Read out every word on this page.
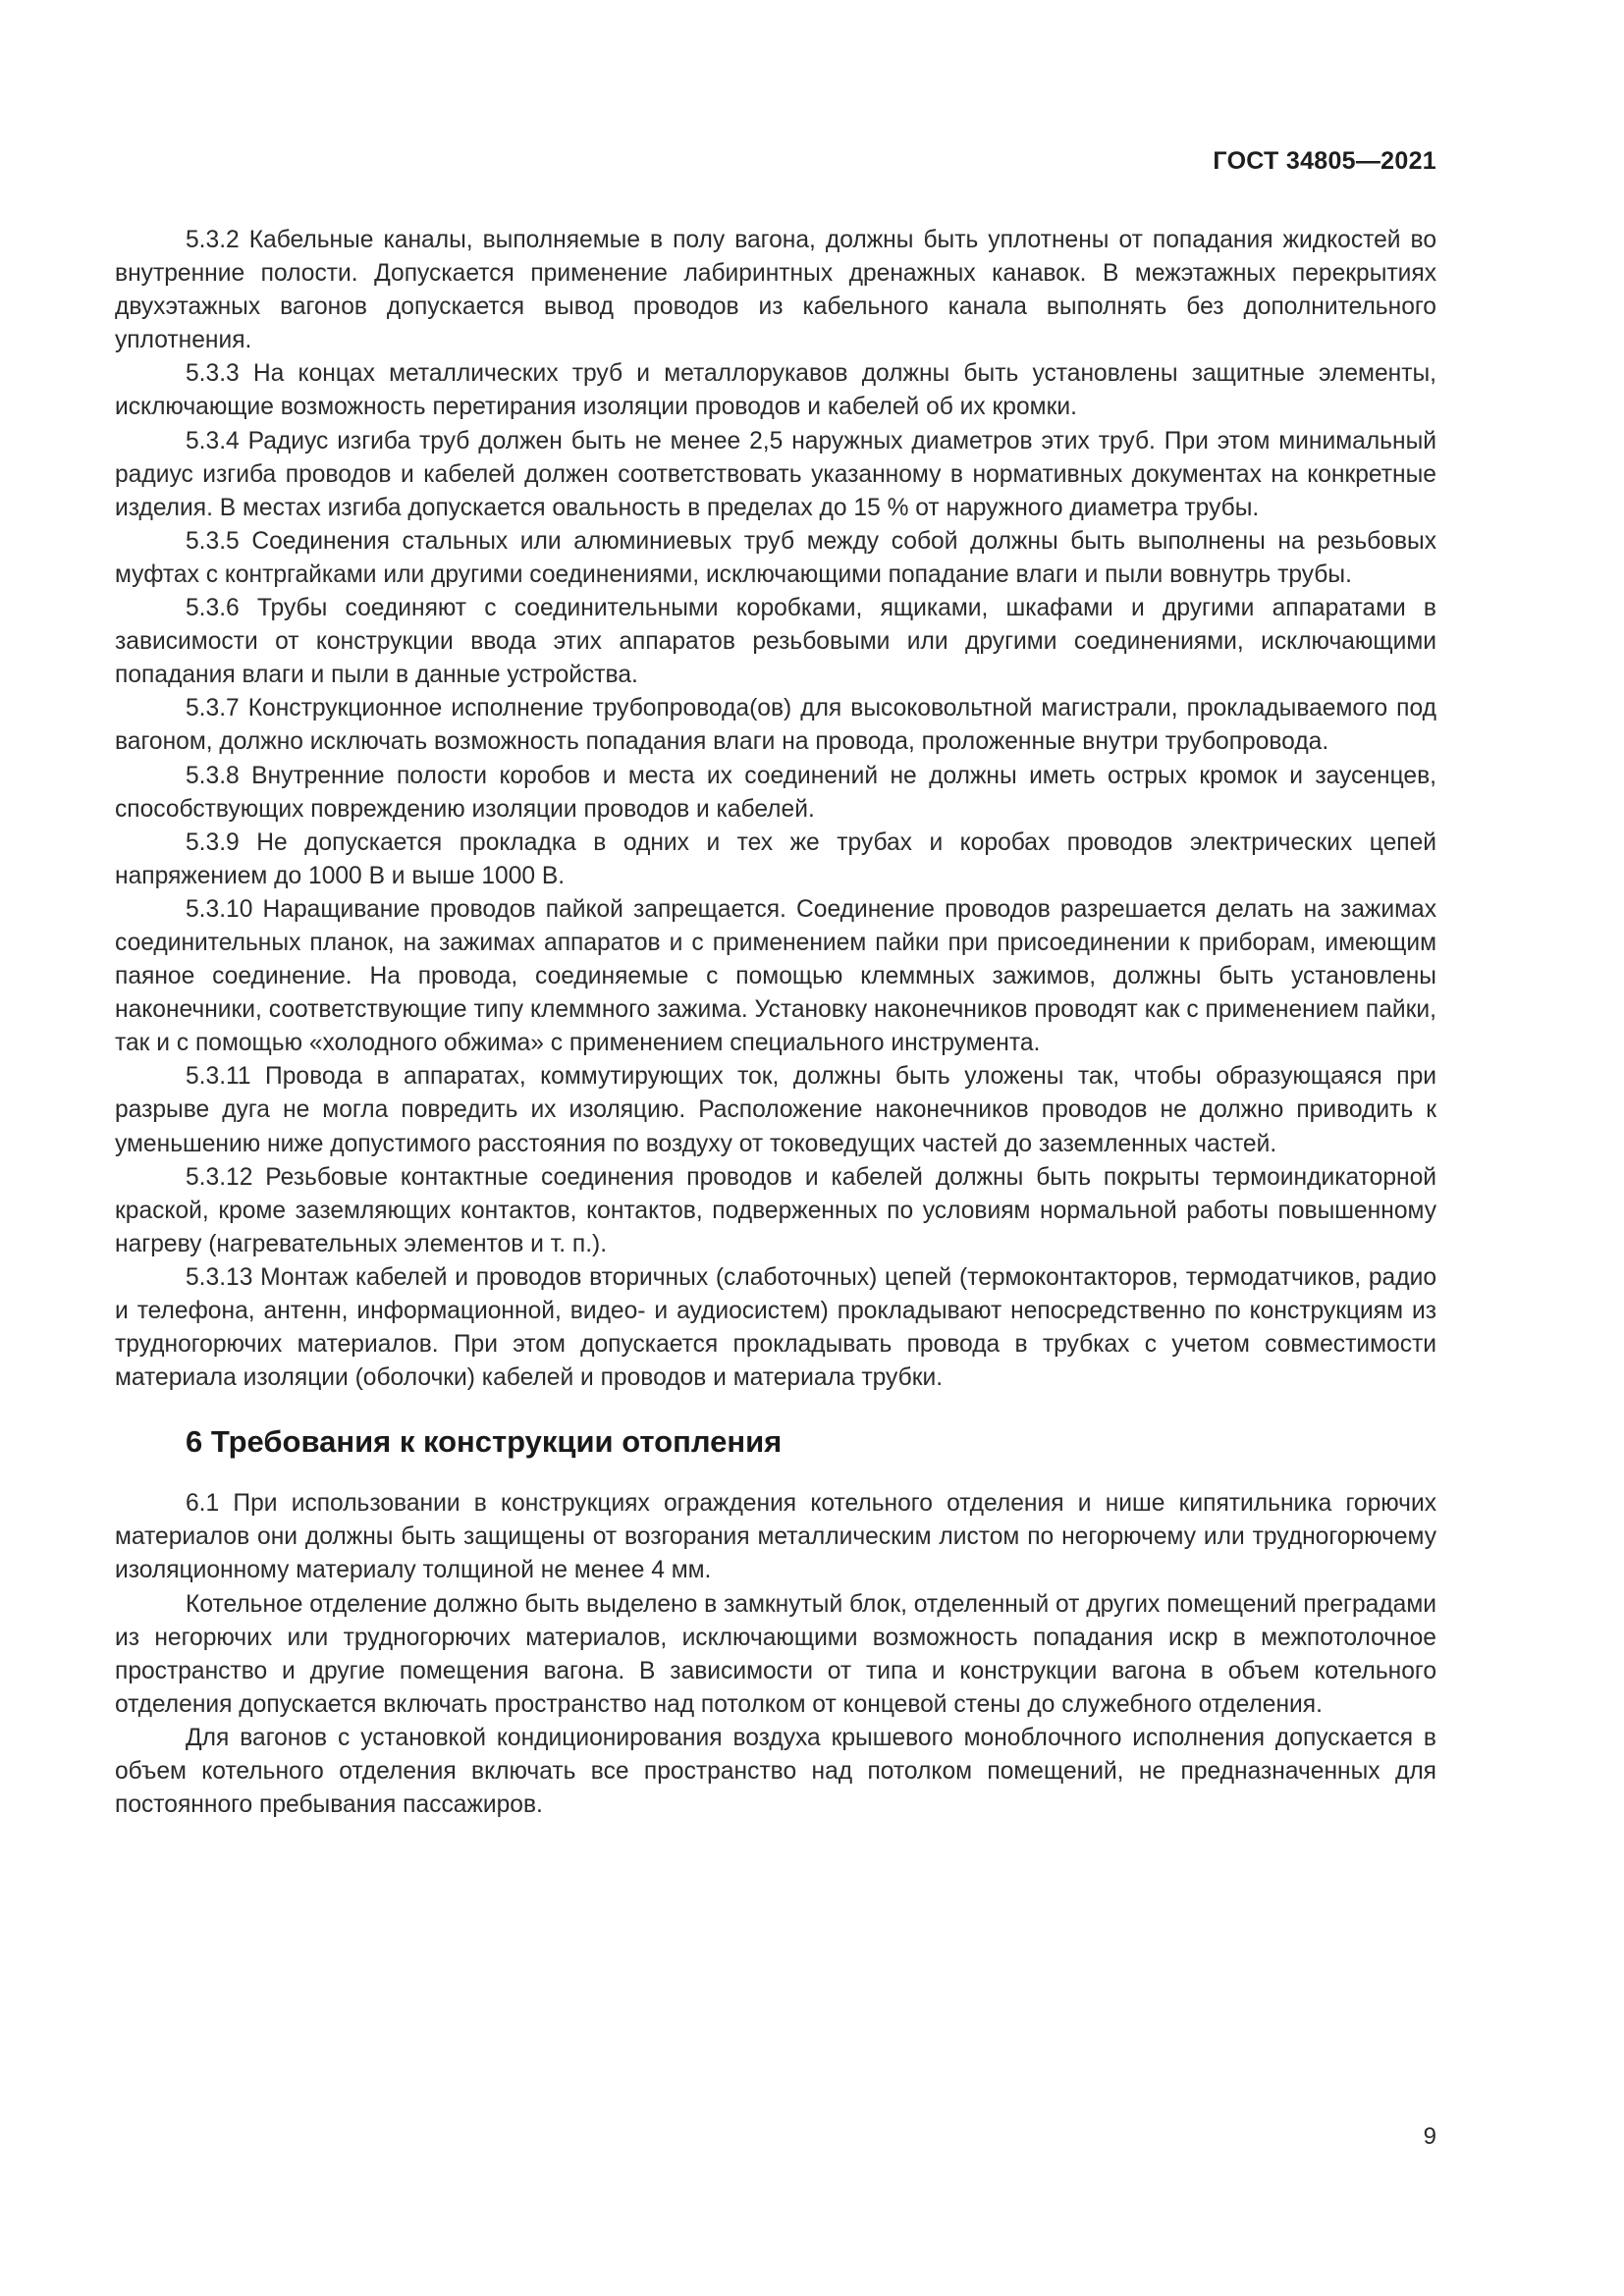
ГОСТ 34805—2021

5.3.2 Кабельные каналы, выполняемые в полу вагона, должны быть уплотнены от попадания жидкостей во внутренние полости. Допускается применение лабиринтных дренажных канавок. В межэтажных перекрытиях двухэтажных вагонов допускается вывод проводов из кабельного канала выполнять без дополнительного уплотнения.

5.3.3 На концах металлических труб и металлорукавов должны быть установлены защитные элементы, исключающие возможность перетирания изоляции проводов и кабелей об их кромки.

5.3.4 Радиус изгиба труб должен быть не менее 2,5 наружных диаметров этих труб. При этом минимальный радиус изгиба проводов и кабелей должен соответствовать указанному в нормативных документах на конкретные изделия. В местах изгиба допускается овальность в пределах до 15 % от наружного диаметра трубы.

5.3.5 Соединения стальных или алюминиевых труб между собой должны быть выполнены на резьбовых муфтах с контргайками или другими соединениями, исключающими попадание влаги и пыли вовнутрь трубы.

5.3.6 Трубы соединяют с соединительными коробками, ящиками, шкафами и другими аппаратами в зависимости от конструкции ввода этих аппаратов резьбовыми или другими соединениями, исключающими попадания влаги и пыли в данные устройства.

5.3.7 Конструкционное исполнение трубопровода(ов) для высоковольтной магистрали, прокладываемого под вагоном, должно исключать возможность попадания влаги на провода, проложенные внутри трубопровода.

5.3.8 Внутренние полости коробов и места их соединений не должны иметь острых кромок и заусенцев, способствующих повреждению изоляции проводов и кабелей.

5.3.9 Не допускается прокладка в одних и тех же трубах и коробах проводов электрических цепей напряжением до 1000 В и выше 1000 В.

5.3.10 Наращивание проводов пайкой запрещается. Соединение проводов разрешается делать на зажимах соединительных планок, на зажимах аппаратов и с применением пайки при присоединении к приборам, имеющим паяное соединение. На провода, соединяемые с помощью клеммных зажимов, должны быть установлены наконечники, соответствующие типу клеммного зажима. Установку наконечников проводят как с применением пайки, так и с помощью «холодного обжима» с применением специального инструмента.

5.3.11 Провода в аппаратах, коммутирующих ток, должны быть уложены так, чтобы образующаяся при разрыве дуга не могла повредить их изоляцию. Расположение наконечников проводов не должно приводить к уменьшению ниже допустимого расстояния по воздуху от токоведущих частей до заземленных частей.

5.3.12 Резьбовые контактные соединения проводов и кабелей должны быть покрыты термоиндикаторной краской, кроме заземляющих контактов, контактов, подверженных по условиям нормальной работы повышенному нагреву (нагревательных элементов и т. п.).

5.3.13 Монтаж кабелей и проводов вторичных (слаботочных) цепей (термоконтакторов, термодатчиков, радио и телефона, антенн, информационной, видео- и аудиосистем) прокладывают непосредственно по конструкциям из трудногорючих материалов. При этом допускается прокладывать провода в трубках с учетом совместимости материала изоляции (оболочки) кабелей и проводов и материала трубки.

6 Требования к конструкции отопления

6.1 При использовании в конструкциях ограждения котельного отделения и нише кипятильника горючих материалов они должны быть защищены от возгорания металлическим листом по негорючему или трудногорючему изоляционному материалу толщиной не менее 4 мм.

Котельное отделение должно быть выделено в замкнутый блок, отделенный от других помещений преградами из негорючих или трудногорючих материалов, исключающими возможность попадания искр в межпотолочное пространство и другие помещения вагона. В зависимости от типа и конструкции вагона в объем котельного отделения допускается включать пространство над потолком от концевой стены до служебного отделения.

Для вагонов с установкой кондиционирования воздуха крышевого моноблочного исполнения допускается в объем котельного отделения включать все пространство над потолком помещений, не предназначенных для постоянного пребывания пассажиров.

9
